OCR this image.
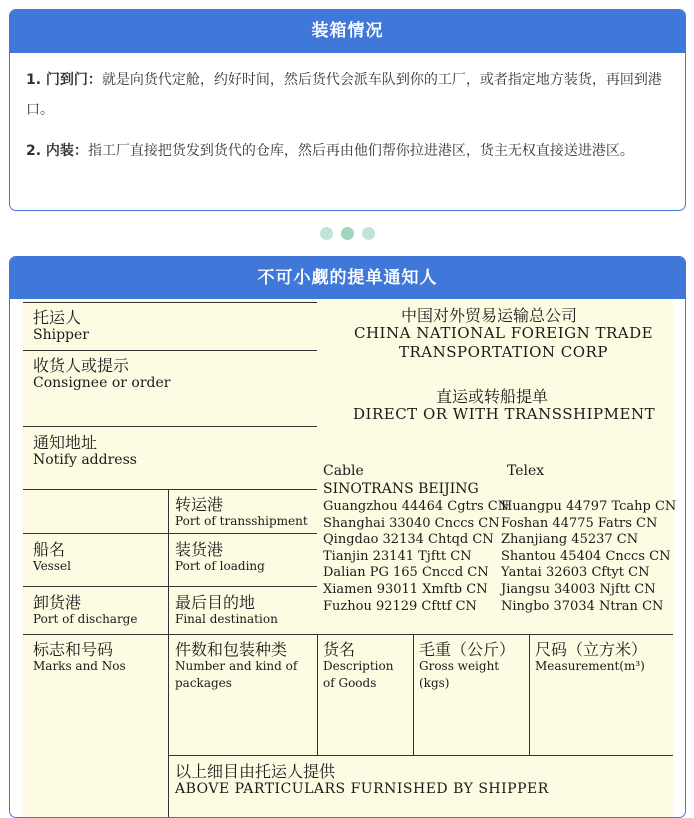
装箱情况

1. 门到门：就是向货代定舱，约好时间，然后货代会派车队到你的工厂，或者指定地方装货，再回到港口。

2. 内装：指工厂直接把货发到货代的仓库，然后再由他们帮你拉进港区，货主无权直接送进港区。

不可小觑的提单通知人
托运人
Shipper
收货人或提示
Consignee or order
通知地址
Notify address
转运港
Port of transshipment
船名
Vessel
装货港
Port of loading
卸货港
Port of discharge
最后目的地
Final destination
中国对外贸易运输总公司
CHINA NATIONAL FOREIGN TRADE
TRANSPORTATION CORP
直运或转船提单
DIRECT OR WITH TRANSSHIPMENT
Cable	Telex
SINOTRANS BEIJING
Guangzhou 44464 Cgtrs CN
Shanghai 33040 Cnccs CN
Qingdao 32134 Chtqd CN
Tianjin 23141 Tjftt CN
Dalian PG 165 Cnccd CN
Xiamen 93011 Xmftb CN
Fuzhou 92129 Cfttf CN
Huangpu 44797 Tcahp CN
Foshan 44775 Fatrs CN
Zhanjiang 45237 CN
Shantou 45404 Cnccs CN
Yantai 32603 Cftyt CN
Jiangsu 34003 Njftt CN
Ningbo 37034 Ntran CN
标志和号码
Marks and Nos
件数和包装种类
Number and kind of
packages
货名
Description
of Goods
毛重（公斤）
Gross weight
(kgs)
尺码（立方米）
Measurement(m³)
以上细目由托运人提供
ABOVE PARTICULARS FURNISHED BY SHIPPER
